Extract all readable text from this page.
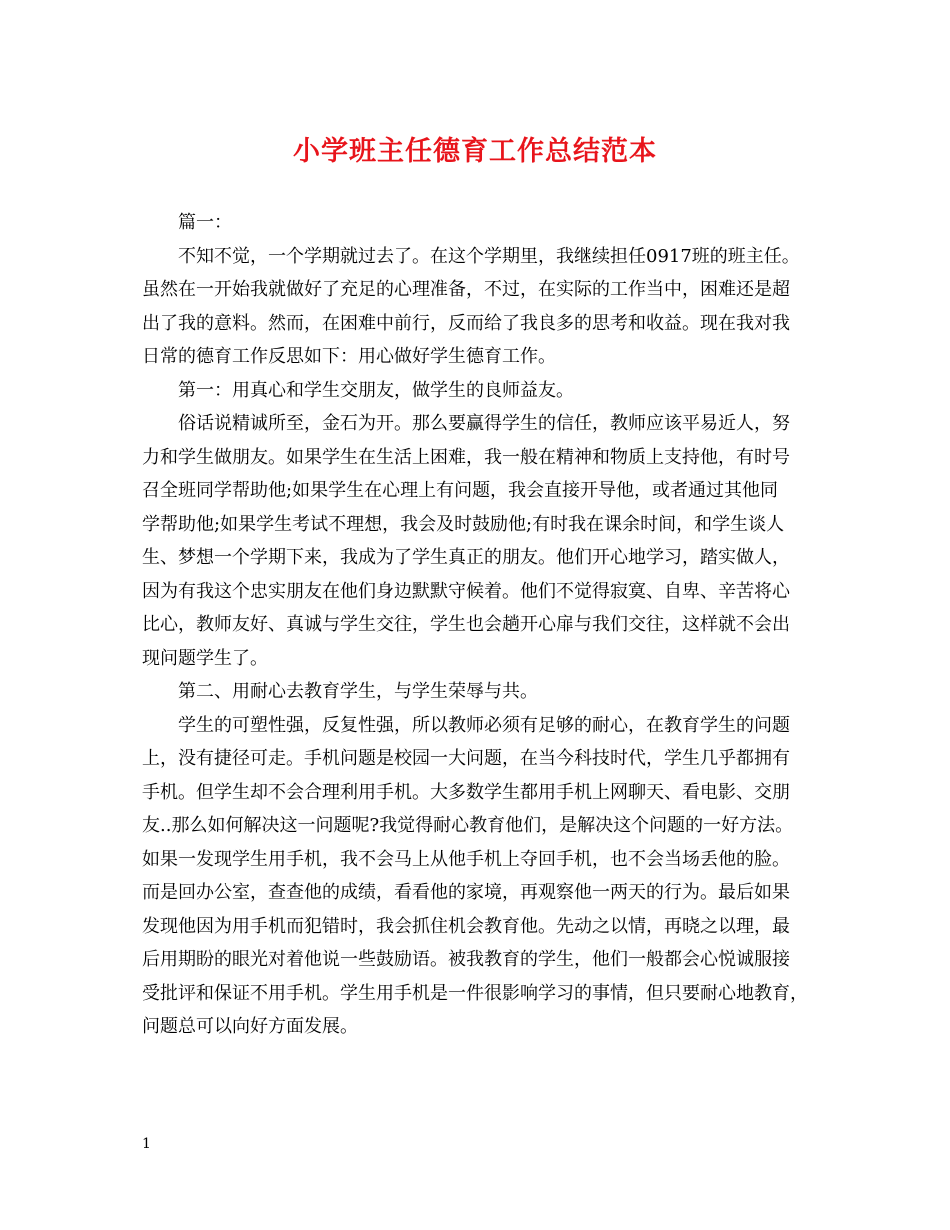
小学班主任德育工作总结范本
篇一：
不知不觉，一个学期就过去了。在这个学期里，我继续担任0917班的班主任。
虽然在一开始我就做好了充足的心理准备，不过，在实际的工作当中，困难还是超
出了我的意料。然而，在困难中前行，反而给了我良多的思考和收益。现在我对我
日常的德育工作反思如下：用心做好学生德育工作。
第一：用真心和学生交朋友，做学生的良师益友。
俗话说精诚所至，金石为开。那么要赢得学生的信任，教师应该平易近人，努
力和学生做朋友。如果学生在生活上困难，我一般在精神和物质上支持他，有时号
召全班同学帮助他;如果学生在心理上有问题，我会直接开导他，或者通过其他同
学帮助他;如果学生考试不理想，我会及时鼓励他;有时我在课余时间，和学生谈人
生、梦想一个学期下来，我成为了学生真正的朋友。他们开心地学习，踏实做人，
因为有我这个忠实朋友在他们身边默默守候着。他们不觉得寂寞、自卑、辛苦将心
比心，教师友好、真诚与学生交往，学生也会趟开心扉与我们交往，这样就不会出
现问题学生了。
第二、用耐心去教育学生，与学生荣辱与共。
学生的可塑性强，反复性强，所以教师必须有足够的耐心，在教育学生的问题
上，没有捷径可走。手机问题是校园一大问题，在当今科技时代，学生几乎都拥有
手机。但学生却不会合理利用手机。大多数学生都用手机上网聊天、看电影、交朋
友..那么如何解决这一问题呢?我觉得耐心教育他们，是解决这个问题的一好方法。
如果一发现学生用手机，我不会马上从他手机上夺回手机，也不会当场丢他的脸。
而是回办公室，查查他的成绩，看看他的家境，再观察他一两天的行为。最后如果
发现他因为用手机而犯错时，我会抓住机会教育他。先动之以情，再晓之以理，最
后用期盼的眼光对着他说一些鼓励语。被我教育的学生，他们一般都会心悦诚服接
受批评和保证不用手机。学生用手机是一件很影响学习的事情，但只要耐心地教育，
问题总可以向好方面发展。
1
